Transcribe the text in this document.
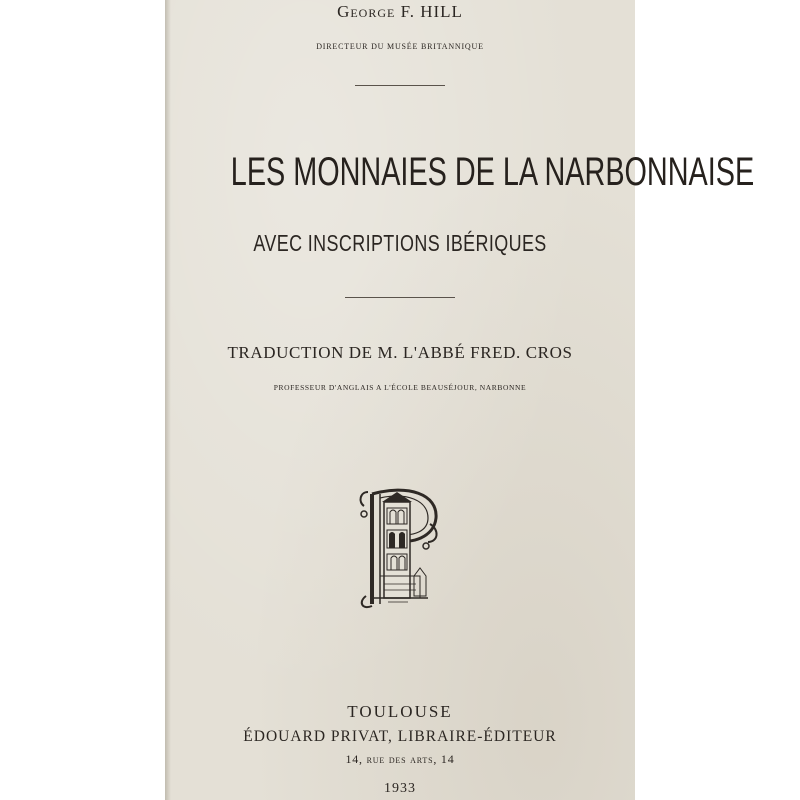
George F. HILL
DIRECTEUR DU MUSÉE BRITANNIQUE
LES MONNAIES DE LA NARBONNAISE
AVEC INSCRIPTIONS IBÉRIQUES
TRADUCTION DE M. L'ABBÉ FRED. CROS
PROFESSEUR D'ANGLAIS A L'ÉCOLE BEAUSÉJOUR, NARBONNE
TOULOUSE
ÉDOUARD PRIVAT, LIBRAIRE-ÉDITEUR
14, rue des arts, 14
1933
